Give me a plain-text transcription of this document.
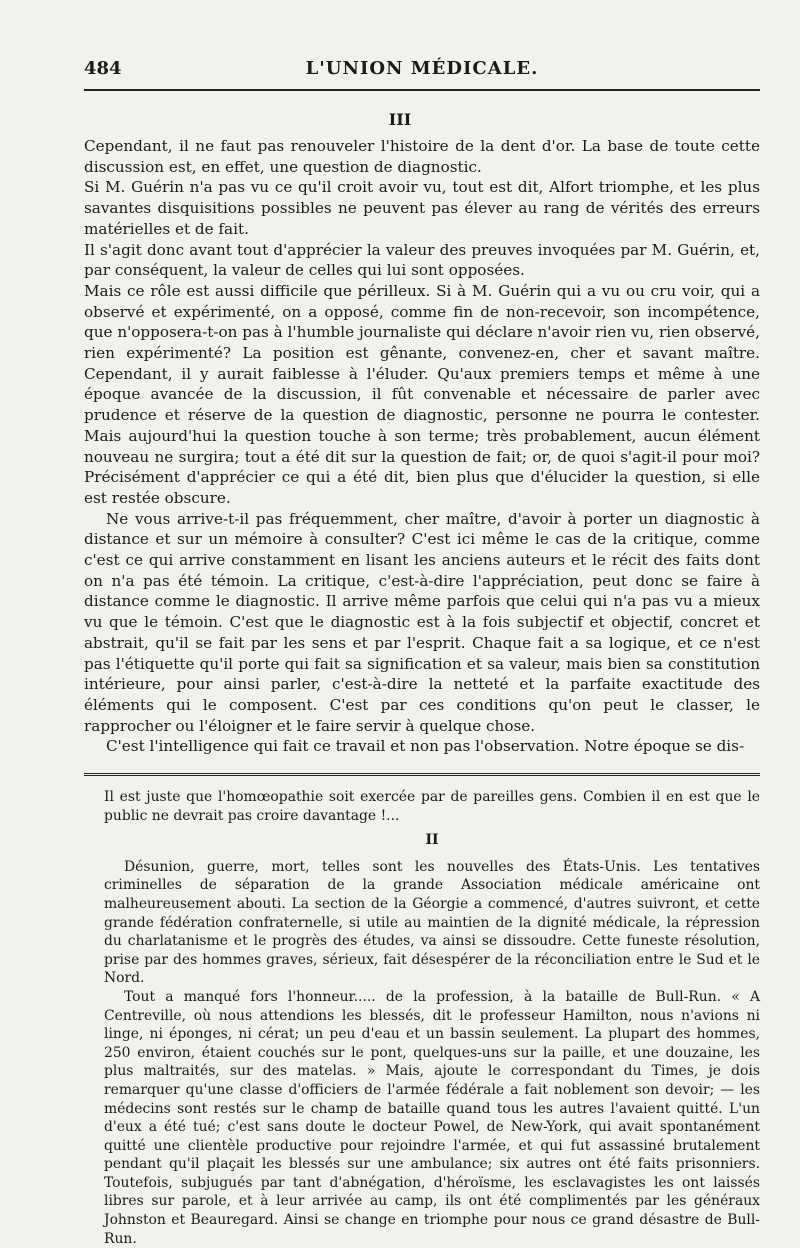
484	L'UNION MÉDICALE.
III

Cependant, il ne faut pas renouveler l'histoire de la dent d'or. La base de toute cette discussion est, en effet, une question de diagnostic.

Si M. Guérin n'a pas vu ce qu'il croit avoir vu, tout est dit, Alfort triomphe, et les plus savantes disquisitions possibles ne peuvent pas élever au rang de vérités des erreurs matérielles et de fait.

Il s'agit donc avant tout d'apprécier la valeur des preuves invoquées par M. Guérin, et, par conséquent, la valeur de celles qui lui sont opposées.

Mais ce rôle est aussi difficile que périlleux. Si à M. Guérin qui a vu ou cru voir, qui a observé et expérimenté, on a opposé, comme fin de non-recevoir, son incompétence, que n'opposera-t-on pas à l'humble journaliste qui déclare n'avoir rien vu, rien observé, rien expérimenté? La position est gênante, convenez-en, cher et savant maître. Cependant, il y aurait faiblesse à l'éluder. Qu'aux premiers temps et même à une époque avancée de la discussion, il fût convenable et nécessaire de parler avec prudence et réserve de la question de diagnostic, personne ne pourra le contester. Mais aujourd'hui la question touche à son terme; très probablement, aucun élément nouveau ne surgira; tout a été dit sur la question de fait; or, de quoi s'agit-il pour moi? Précisément d'apprécier ce qui a été dit, bien plus que d'élucider la question, si elle est restée obscure.

Ne vous arrive-t-il pas fréquemment, cher maître, d'avoir à porter un diagnostic à distance et sur un mémoire à consulter? C'est ici même le cas de la critique, comme c'est ce qui arrive constamment en lisant les anciens auteurs et le récit des faits dont on n'a pas été témoin. La critique, c'est-à-dire l'appréciation, peut donc se faire à distance comme le diagnostic. Il arrive même parfois que celui qui n'a pas vu a mieux vu que le témoin. C'est que le diagnostic est à la fois subjectif et objectif, concret et abstrait, qu'il se fait par les sens et par l'esprit. Chaque fait a sa logique, et ce n'est pas l'étiquette qu'il porte qui fait sa signification et sa valeur, mais bien sa constitution intérieure, pour ainsi parler, c'est-à-dire la netteté et la parfaite exactitude des éléments qui le composent. C'est par ces conditions qu'on peut le classer, le rapprocher ou l'éloigner et le faire servir à quelque chose.

C'est l'intelligence qui fait ce travail et non pas l'observation. Notre époque se dis-

Il est juste que l'homœopathie soit exercée par de pareilles gens. Combien il en est que le public ne devrait pas croire davantage !...

II

Désunion, guerre, mort, telles sont les nouvelles des États-Unis. Les tentatives criminelles de séparation de la grande Association médicale américaine ont malheureusement abouti. La section de la Géorgie a commencé, d'autres suivront, et cette grande fédération confraternelle, si utile au maintien de la dignité médicale, la répression du charlatanisme et le progrès des études, va ainsi se dissoudre. Cette funeste résolution, prise par des hommes graves, sérieux, fait désespérer de la réconciliation entre le Sud et le Nord.

Tout a manqué fors l'honneur..... de la profession, à la bataille de Bull-Run. « A Centreville, où nous attendions les blessés, dit le professeur Hamilton, nous n'avions ni linge, ni éponges, ni cérat; un peu d'eau et un bassin seulement. La plupart des hommes, 250 environ, étaient couchés sur le pont, quelques-uns sur la paille, et une douzaine, les plus maltraités, sur des matelas. » Mais, ajoute le correspondant du Times, je dois remarquer qu'une classe d'officiers de l'armée fédérale a fait noblement son devoir; — les médecins sont restés sur le champ de bataille quand tous les autres l'avaient quitté. L'un d'eux a été tué; c'est sans doute le docteur Powel, de New-York, qui avait spontanément quitté une clientèle productive pour rejoindre l'armée, et qui fut assassiné brutalement pendant qu'il plaçait les blessés sur une ambulance; six autres ont été faits prisonniers. Toutefois, subjugués par tant d'abnégation, d'héroïsme, les esclavagistes les ont laissés libres sur parole, et à leur arrivée au camp, ils ont été complimentés par les généraux Johnston et Beauregard. Ainsi se change en triomphe pour nous ce grand désastre de Bull-Run.
